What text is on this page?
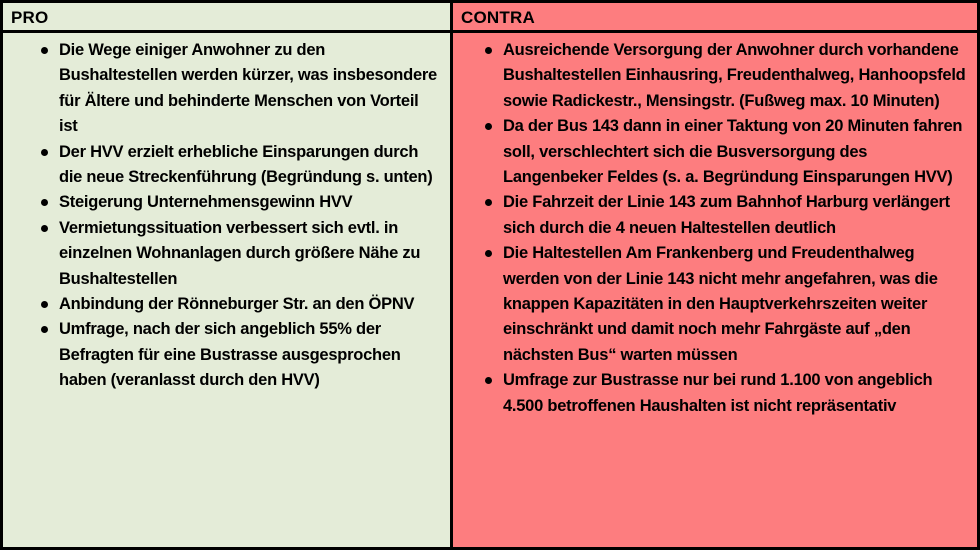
PRO
Die Wege einiger Anwohner zu den Bushaltestellen werden kürzer, was insbesondere für Ältere und behinderte Menschen von Vorteil ist
Der HVV erzielt erhebliche Einsparungen durch die neue Streckenführung (Begründung s. unten)
Steigerung Unternehmensgewinn HVV
Vermietungssituation verbessert sich evtl. in einzelnen Wohnanlagen durch größere Nähe zu Bushaltestellen
Anbindung der Rönneburger Str. an den ÖPNV
Umfrage, nach der sich angeblich 55% der Befragten für eine Bustrasse ausgesprochen haben (veranlasst durch den HVV)
CONTRA
Ausreichende Versorgung der Anwohner durch vorhandene Bushaltestellen Einhausring, Freudenthalweg, Hanhoopsfeld sowie Radickestr., Mensingstr. (Fußweg max. 10 Minuten)
Da der Bus 143 dann in einer Taktung von 20 Minuten fahren soll, verschlechtert sich die Busversorgung des Langenbeker Feldes (s. a. Begründung Einsparungen HVV)
Die Fahrzeit der Linie 143 zum Bahnhof Harburg verlängert sich durch die 4 neuen Haltestellen deutlich
Die Haltestellen Am Frankenberg und Freudenthalweg werden von der Linie 143 nicht mehr angefahren, was die knappen Kapazitäten in den Hauptverkehrszeiten weiter einschränkt und damit noch mehr Fahrgäste auf „den nächsten Bus“ warten müssen
Umfrage zur Bustrasse nur bei rund 1.100 von angeblich 4.500 betroffenen Haushalten ist nicht repräsentativ
